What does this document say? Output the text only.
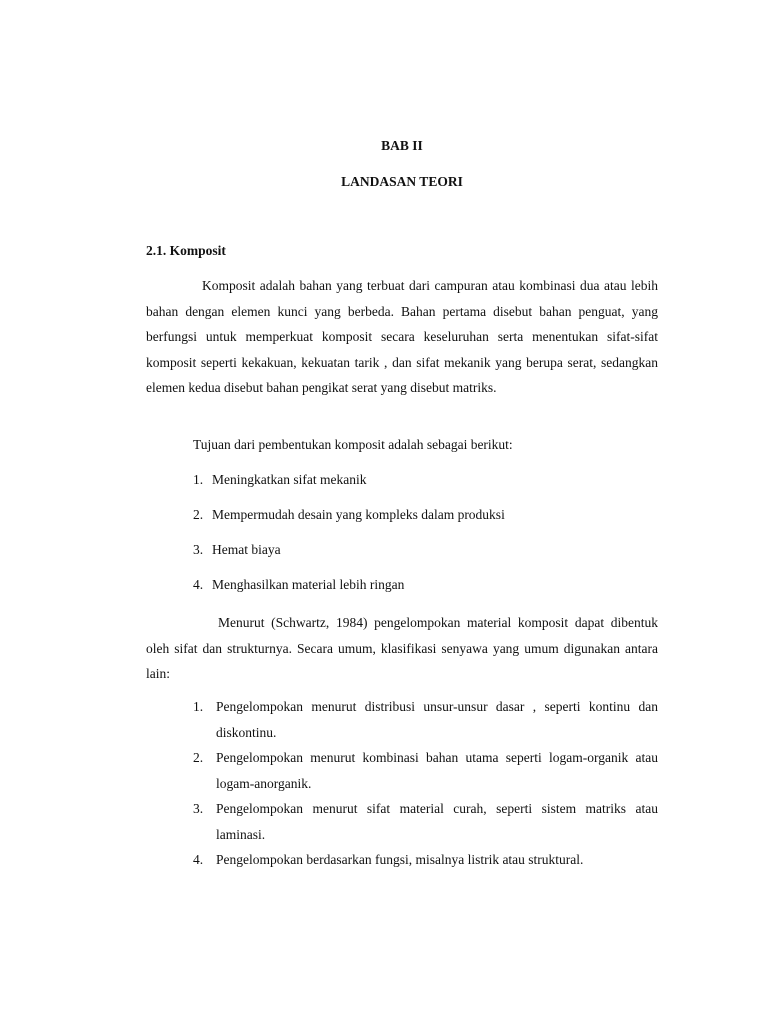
BAB II

LANDASAN TEORI

2.1. Komposit

Komposit adalah bahan yang terbuat dari campuran atau kombinasi dua atau lebih bahan dengan elemen kunci yang berbeda. Bahan pertama disebut bahan penguat, yang berfungsi untuk memperkuat komposit secara keseluruhan serta menentukan sifat-sifat komposit seperti kekakuan, kekuatan tarik , dan sifat mekanik yang berupa serat, sedangkan elemen kedua disebut bahan pengikat serat yang disebut matriks.

Tujuan dari pembentukan komposit adalah sebagai berikut:

1. Meningkatkan sifat mekanik

2. Mempermudah desain yang kompleks dalam produksi

3. Hemat biaya

4. Menghasilkan material lebih ringan

Menurut (Schwartz, 1984) pengelompokan material komposit dapat dibentuk oleh sifat dan strukturnya. Secara umum, klasifikasi senyawa yang umum digunakan antara lain:

1. Pengelompokan menurut distribusi unsur-unsur dasar , seperti kontinu dan diskontinu.
2. Pengelompokan menurut kombinasi bahan utama seperti logam-organik atau logam-anorganik.
3. Pengelompokan menurut sifat material curah, seperti sistem matriks atau laminasi.
4. Pengelompokan berdasarkan fungsi, misalnya listrik atau struktural.
